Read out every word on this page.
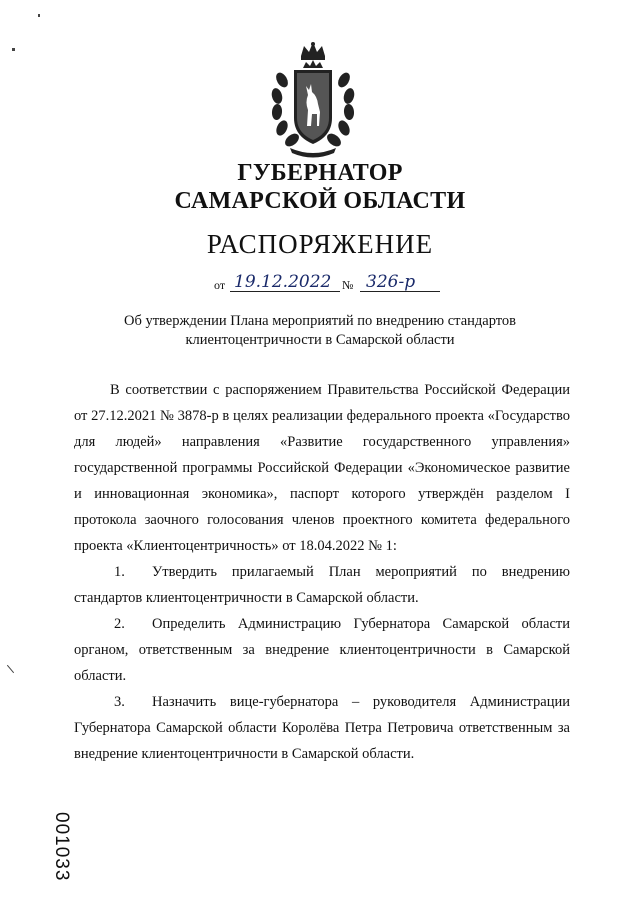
ГУБЕРНАТОР
САМАРСКОЙ ОБЛАСТИ
РАСПОРЯЖЕНИЕ
от 19.12.2022 № 326-р
Об утверждении Плана мероприятий по внедрению стандартов
клиентоцентричности в Самарской области

В соответствии с распоряжением Правительства Российской Федерации от 27.12.2021 № 3878-р в целях реализации федерального проекта «Государство для людей» направления «Развитие государственного управления» государственной программы Российской Федерации «Экономическое развитие и инновационная экономика», паспорт которого утверждён разделом I протокола заочного голосования членов проектного комитета федерального проекта «Клиентоцентричность» от 18.04.2022 № 1:

1. Утвердить прилагаемый План мероприятий по внедрению стандартов клиентоцентричности в Самарской области.

2. Определить Администрацию Губернатора Самарской области органом, ответственным за внедрение клиентоцентричности в Самарской области.

3. Назначить вице-губернатора – руководителя Администрации Губернатора Самарской области Королёва Петра Петровича ответственным за внедрение клиентоцентричности в Самарской области.

001033
